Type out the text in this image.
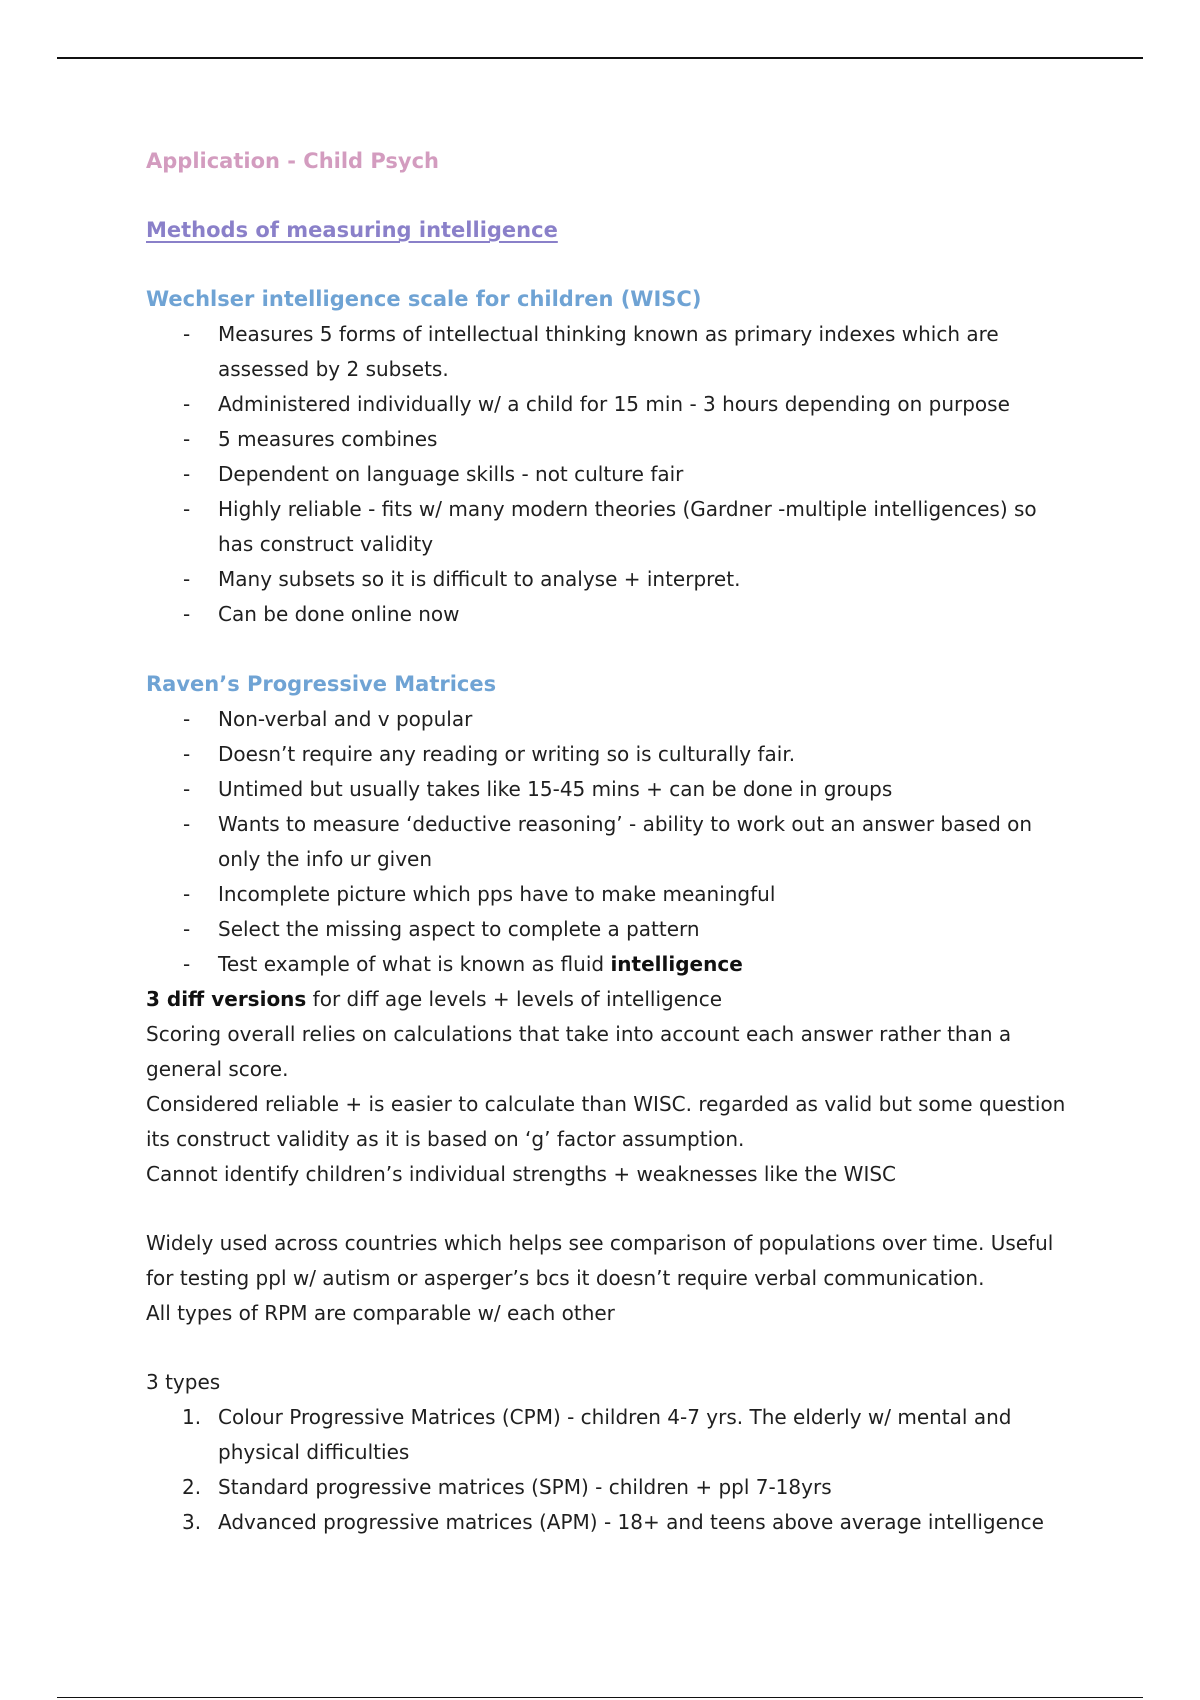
Application - Child Psych
Methods of measuring intelligence
Wechlser intelligence scale for children (WISC)
- Measures 5 forms of intellectual thinking known as primary indexes which are assessed by 2 subsets.
- Administered individually w/ a child for 15 min - 3 hours depending on purpose
- 5 measures combines
- Dependent on language skills - not culture fair
- Highly reliable - fits w/ many modern theories (Gardner -multiple intelligences) so has construct validity
- Many subsets so it is difficult to analyse + interpret.
- Can be done online now
Raven’s Progressive Matrices
- Non-verbal and v popular
- Doesn’t require any reading or writing so is culturally fair.
- Untimed but usually takes like 15-45 mins + can be done in groups
- Wants to measure ‘deductive reasoning’ - ability to work out an answer based on only the info ur given
- Incomplete picture which pps have to make meaningful
- Select the missing aspect to complete a pattern
- Test example of what is known as fluid intelligence

3 diff versions for diff age levels + levels of intelligence

Scoring overall relies on calculations that take into account each answer rather than a general score.

Considered reliable + is easier to calculate than WISC. regarded as valid but some question its construct validity as it is based on ‘g’ factor assumption.

Cannot identify children’s individual strengths + weaknesses like the WISC

Widely used across countries which helps see comparison of populations over time. Useful for testing ppl w/ autism or asperger’s bcs it doesn’t require verbal communication.

All types of RPM are comparable w/ each other

3 types

1. Colour Progressive Matrices (CPM) - children 4-7 yrs. The elderly w/ mental and physical difficulties
2. Standard progressive matrices (SPM) - children + ppl 7-18yrs
3. Advanced progressive matrices (APM) - 18+ and teens above average intelligence
